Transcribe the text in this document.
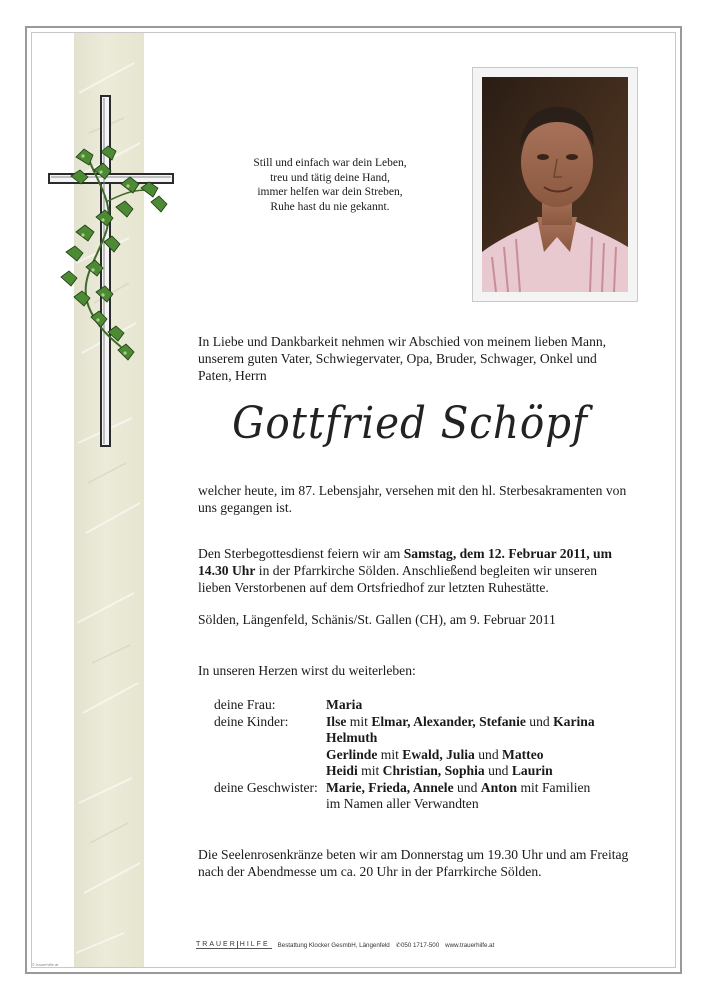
Still und einfach war dein Leben,
treu und tätig deine Hand,
immer helfen war dein Streben,
Ruhe hast du nie gekannt.
In Liebe und Dankbarkeit nehmen wir Abschied von meinem lieben Mann,
unserem guten Vater, Schwiegervater, Opa, Bruder, Schwager, Onkel und
Paten, Herrn
Gottfried Schöpf
welcher heute, im 87. Lebensjahr, versehen mit den hl. Sterbesakramenten von
uns gegangen ist.
Den Sterbegottesdienst feiern wir am Samstag, dem 12. Februar 2011, um
14.30 Uhr in der Pfarrkirche Sölden. Anschließend begleiten wir unseren
lieben Verstorbenen auf dem Ortsfriedhof zur letzten Ruhestätte.
Sölden, Längenfeld, Schänis/St. Gallen (CH), am 9. Februar 2011
In unseren Herzen wirst du weiterleben:
deine Frau:	Maria
deine Kinder:	Ilse mit Elmar, Alexander, Stefanie und Karina
Helmuth
Gerlinde mit Ewald, Julia und Matteo
Heidi mit Christian, Sophia und Laurin
deine Geschwister: Marie, Frieda, Annele und Anton mit Familien
im Namen aller Verwandten
Die Seelenrosenkränze beten wir am Donnerstag um 19.30 Uhr und am Freitag
nach der Abendmesse um ca. 20 Uhr in der Pfarrkirche Sölden.
TRAUER HILFE	Bestattung Klocker GesmbH, Längenfeld ✆050 1717-500 www.trauerhilfe.at
© trauerhilfe.at
